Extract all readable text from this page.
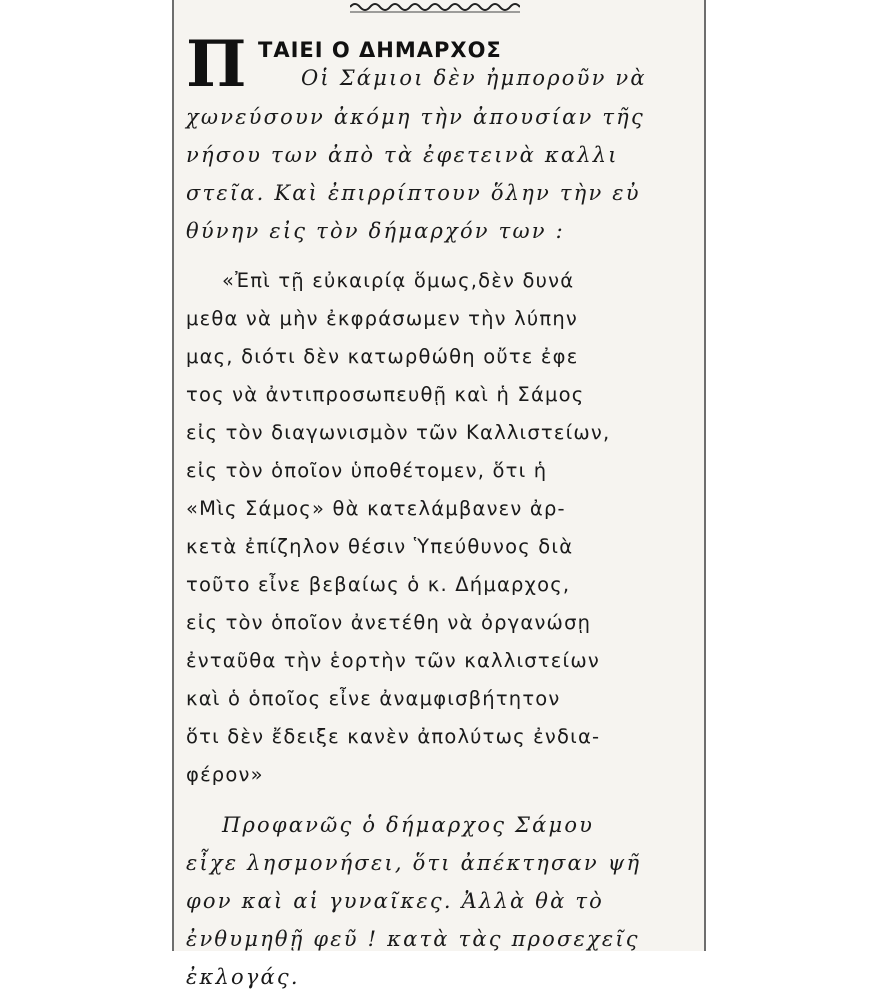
Π ΤΑΙΕΙ Ο ΔΗΜΑΡΧΟΣ
Οἱ Σάμιοι δὲν ἠμποροῦν νὰ
χωνεύσουν ἀκόμη τὴν ἀπουσίαν τῆς
νήσου των ἀπὸ τὰ ἐφετεινὰ καλλι
στεῖα. Καὶ ἐπιρρίπτουν ὅλην τὴν εὐ
θύνην εἰς τὸν δήμαρχόν των :
«Ἐπὶ τῇ εὐκαιρίᾳ ὅμως,δὲν δυνά
μεθα νὰ μὴν ἐκφράσωμεν τὴν λύπην
μας, διότι δὲν κατωρθώθη οὔτε ἐφε
τος νὰ ἀντιπροσωπευθῇ καὶ ἡ Σάμος
εἰς τὸν διαγωνισμὸν τῶν Καλλιστείων,
εἰς τὸν ὁποῖον ὑποθέτομεν, ὅτι ἡ
«Μὶς Σάμος» θὰ κατελάμβανεν ἀρ-
κετὰ ἐπίζηλον θέσιν Ὑπεύθυνος διὰ
τοῦτο εἶνε βεβαίως ὁ κ. Δήμαρχος,
εἰς τὸν ὁποῖον ἀνετέθη νὰ ὀργανώσῃ
ἐνταῦθα τὴν ἑορτὴν τῶν καλλιστείων
καὶ ὁ ὁποῖος εἶνε ἀναμφισβήτητον
ὅτι δὲν ἔδειξε κανὲν ἀπολύτως ἐνδια-
φέρον»
Προφανῶς ὁ δήμαρχος Σάμου
εἶχε λησμονήσει, ὅτι ἀπέκτησαν ψῆ
φον καὶ αἱ γυναῖκες. Ἀλλὰ θὰ τὸ
ἐνθυμηθῇ φεῦ ! κατὰ τὰς προσεχεῖς
ἐκλογάς.
